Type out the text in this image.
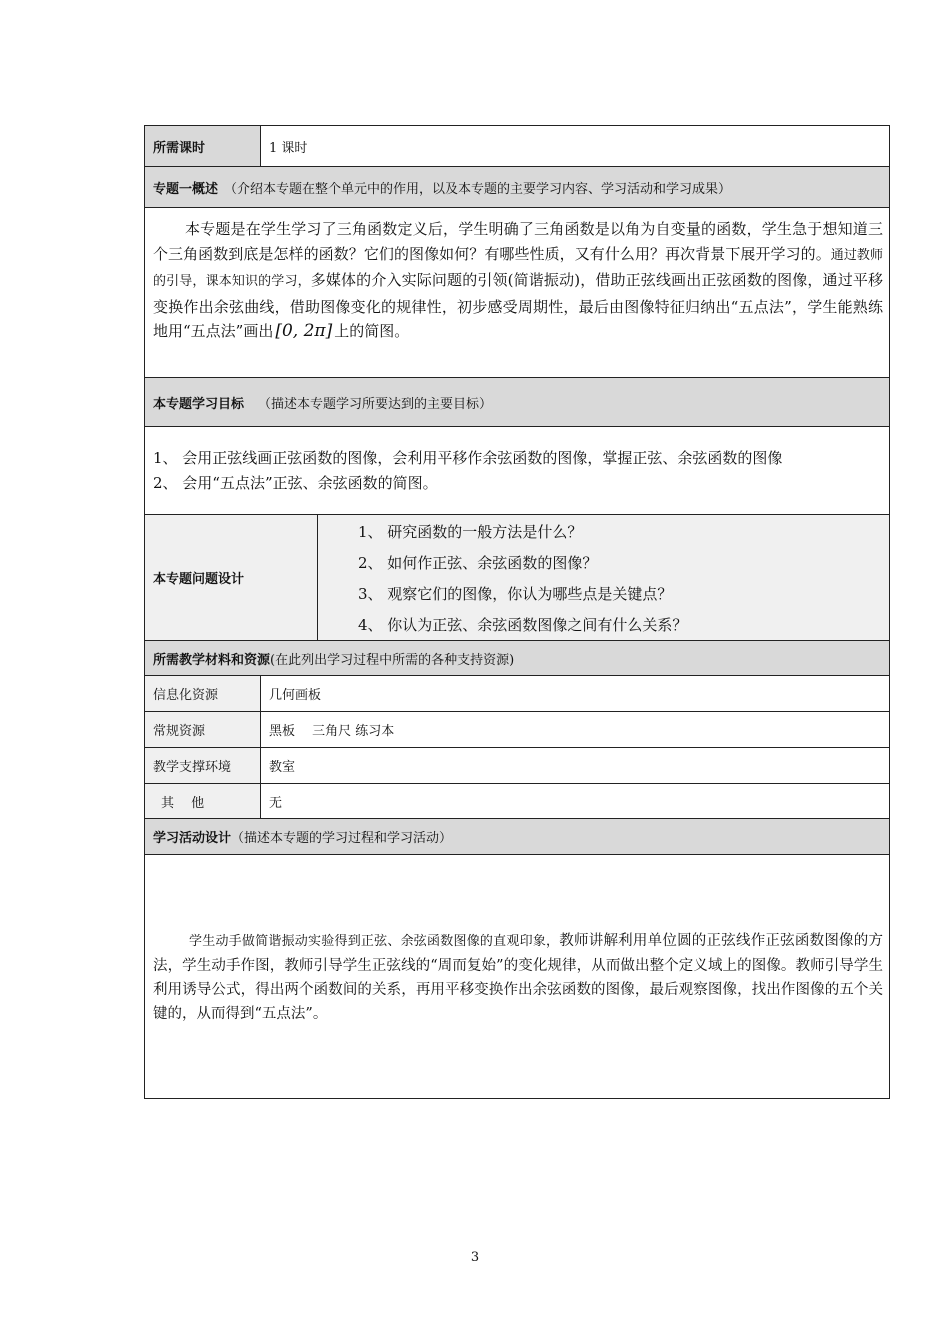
所需课时	1 课时
专题一概述 （介绍本专题在整个单元中的作用，以及本专题的主要学习内容、学习活动和学习成果）
本专题是在学生学习了三角函数定义后，学生明确了三角函数是以角为自变量的函数，学生急于想知道三个三角函数到底是怎样的函数？它们的图像如何？有哪些性质，又有什么用？再次背景下展开学习的。通过教师的引导，课本知识的学习，多媒体的介入实际问题的引领(简谐振动)，借助正弦线画出正弦函数的图像，通过平移变换作出余弦曲线，借助图像变化的规律性，初步感受周期性，最后由图像特征归纳出“五点法”，学生能熟练地用“五点法”画出 [0, 2π] 上的简图。
本专题学习目标 （描述本专题学习所要达到的主要目标）
1、 会用正弦线画正弦函数的图像，会利用平移作余弦函数的图像，掌握正弦、余弦函数的图像
2、 会用“五点法”正弦、余弦函数的简图。
本专题问题设计
1、 研究函数的一般方法是什么？
2、 如何作正弦、余弦函数的图像？
3、 观察它们的图像，你认为哪些点是关键点？
4、 你认为正弦、余弦函数图像之间有什么关系？
所需教学材料和资源 (在此列出学习过程中所需的各种支持资源)
信息化资源	几何画板
常规资源	黑板　 三角尺 练习本
教学支撑环境	教室
其　 他	无
学习活动设计 （描述本专题的学习过程和学习活动）
学生动手做简谐振动实验得到正弦、余弦函数图像的直观印象，教师讲解利用单位圆的正弦线作正弦函数图像的方法，学生动手作图，教师引导学生正弦线的“周而复始”的变化规律，从而做出整个定义域上的图像。教师引导学生利用诱导公式，得出两个函数间的关系，再用平移变换作出余弦函数的图像，最后观察图像，找出作图像的五个关键的，从而得到“五点法”。
3
